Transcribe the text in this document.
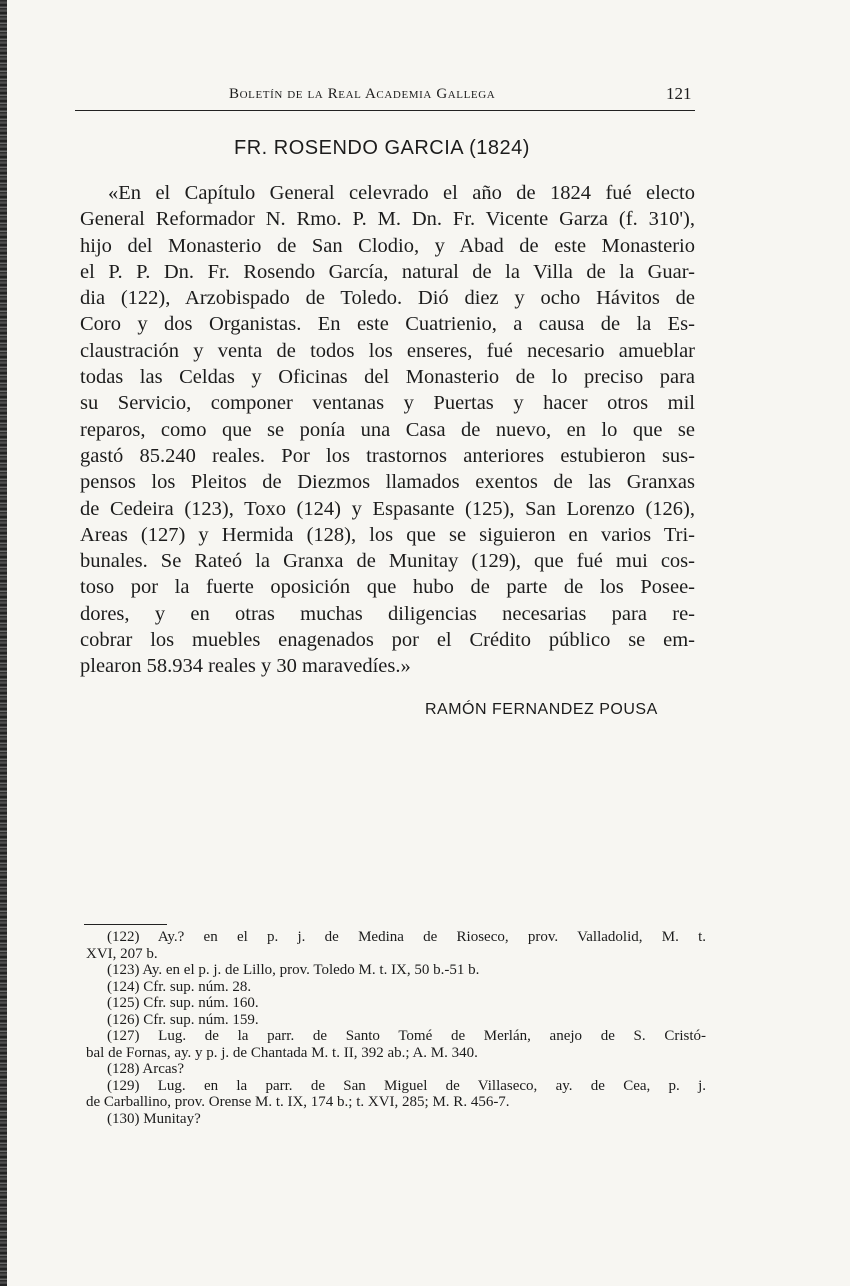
Boletín de la Real Academia Gallega	121
FR. ROSENDO GARCIA (1824)
«En el Capítulo General celevrado el año de 1824 fué electo
General Reformador N. Rmo. P. M. Dn. Fr. Vicente Garza (f. 310'),
hijo del Monasterio de San Clodio, y Abad de este Monasterio
el P. P. Dn. Fr. Rosendo García, natural de la Villa de la Guar-
dia (122), Arzobispado de Toledo. Dió diez y ocho Hávitos de
Coro y dos Organistas. En este Cuatrienio, a causa de la Es-
claustración y venta de todos los enseres, fué necesario amueblar
todas las Celdas y Oficinas del Monasterio de lo preciso para
su Servicio, componer ventanas y Puertas y hacer otros mil
reparos, como que se ponía una Casa de nuevo, en lo que se
gastó 85.240 reales. Por los trastornos anteriores estubieron sus-
pensos los Pleitos de Diezmos llamados exentos de las Granxas
de Cedeira (123), Toxo (124) y Espasante (125), San Lorenzo (126),
Areas (127) y Hermida (128), los que se siguieron en varios Tri-
bunales. Se Rateó la Granxa de Munitay (129), que fué mui cos-
toso por la fuerte oposición que hubo de parte de los Posee-
dores, y en otras muchas diligencias necesarias para re-
cobrar los muebles enagenados por el Crédito público se em-
plearon 58.934 reales y 30 maravedíes.»
RAMÓN FERNANDEZ POUSA
(122) Ay.? en el p. j. de Medina de Rioseco, prov. Valladolid, M. t.
XVI, 207 b.
(123) Ay. en el p. j. de Lillo, prov. Toledo M. t. IX, 50 b.-51 b.
(124) Cfr. sup. núm. 28.
(125) Cfr. sup. núm. 160.
(126) Cfr. sup. núm. 159.
(127) Lug. de la parr. de Santo Tomé de Merlán, anejo de S. Cristó-
bal de Fornas, ay. y p. j. de Chantada M. t. II, 392 ab.; A. M. 340.
(128) Arcas?
(129) Lug. en la parr. de San Miguel de Villaseco, ay. de Cea, p. j.
de Carballino, prov. Orense M. t. IX, 174 b.; t. XVI, 285; M. R. 456-7.
(130) Munitay?
